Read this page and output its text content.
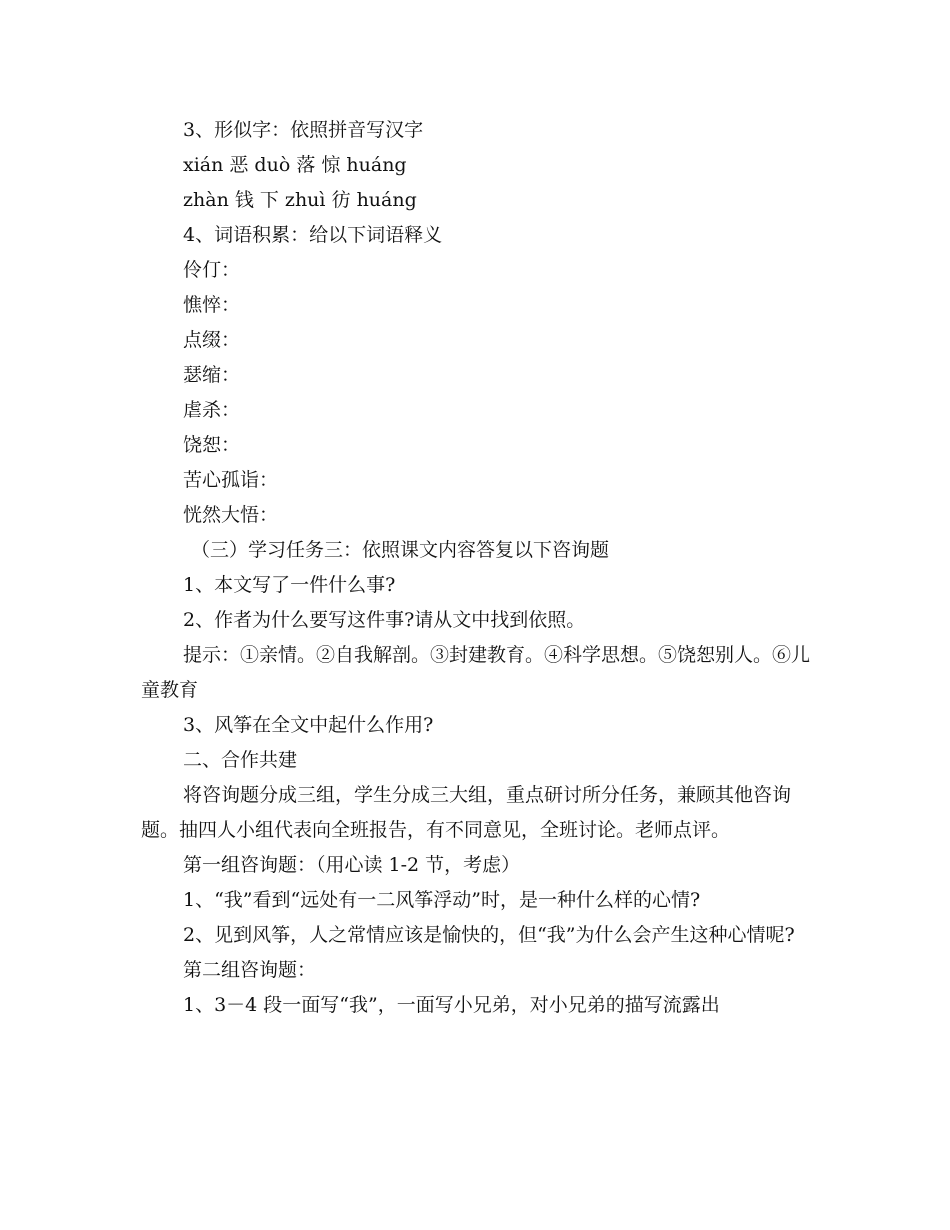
3、形似字：依照拼音写汉字

xián 恶 duò 落 惊 huáng

zhàn 钱 下 zhuì 彷 huáng

4、词语积累：给以下词语释义

伶仃：

憔悴：

点缀：

瑟缩：

虐杀：

饶恕：

苦心孤诣：

恍然大悟：

（三）学习任务三：依照课文内容答复以下咨询题

1、本文写了一件什么事?

2、作者为什么要写这件事?请从文中找到依照。

提示：①亲情。②自我解剖。③封建教育。④科学思想。⑤饶恕别人。⑥儿童教育

3、风筝在全文中起什么作用?

二、合作共建

将咨询题分成三组，学生分成三大组，重点研讨所分任务，兼顾其他咨询题。抽四人小组代表向全班报告，有不同意见，全班讨论。老师点评。

第一组咨询题：（用心读 1-2 节，考虑）

1、“我”看到“远处有一二风筝浮动”时，是一种什么样的心情?

2、见到风筝，人之常情应该是愉快的，但“我”为什么会产生这种心情呢?

第二组咨询题：

1、3－4 段一面写“我”，一面写小兄弟，对小兄弟的描写流露出
